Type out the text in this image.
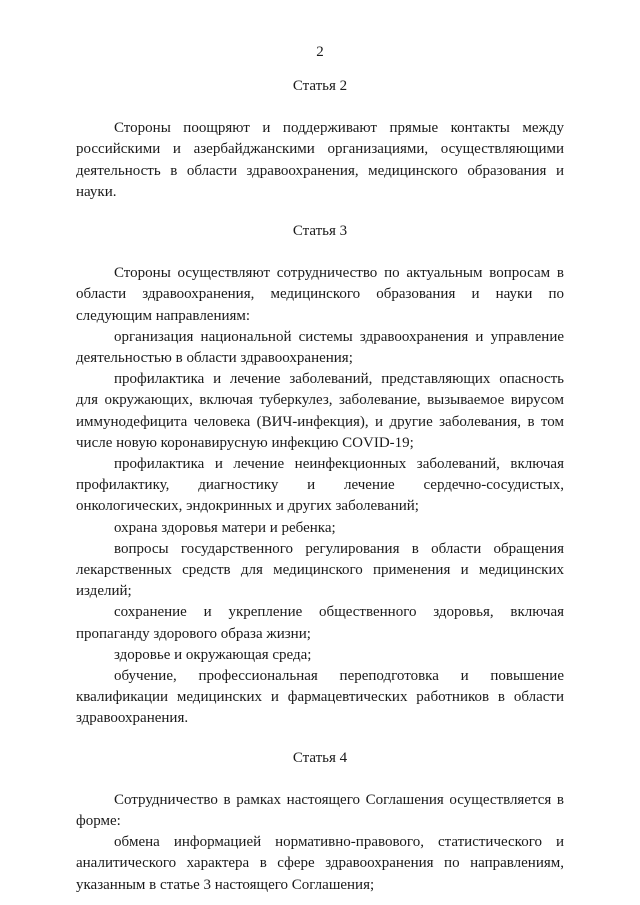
2
Статья 2

Стороны поощряют и поддерживают прямые контакты между российскими и азербайджанскими организациями, осуществляющими деятельность в области здравоохранения, медицинского образования и науки.

Статья 3

Стороны осуществляют сотрудничество по актуальным вопросам в области здравоохранения, медицинского образования и науки по следующим направлениям:

организация национальной системы здравоохранения и управление деятельностью в области здравоохранения;

профилактика и лечение заболеваний, представляющих опасность для окружающих, включая туберкулез, заболевание, вызываемое вирусом иммунодефицита человека (ВИЧ-инфекция), и другие заболевания, в том числе новую коронавирусную инфекцию COVID-19;

профилактика и лечение неинфекционных заболеваний, включая профилактику, диагностику и лечение сердечно-сосудистых, онкологических, эндокринных и других заболеваний;

охрана здоровья матери и ребенка;

вопросы государственного регулирования в области обращения лекарственных средств для медицинского применения и медицинских изделий;

сохранение и укрепление общественного здоровья, включая пропаганду здорового образа жизни;

здоровье и окружающая среда;

обучение, профессиональная переподготовка и повышение квалификации медицинских и фармацевтических работников в области здравоохранения.

Статья 4

Сотрудничество в рамках настоящего Соглашения осуществляется в форме:

обмена информацией нормативно-правового, статистического и аналитического характера в сфере здравоохранения по направлениям, указанным в статье 3 настоящего Соглашения;
